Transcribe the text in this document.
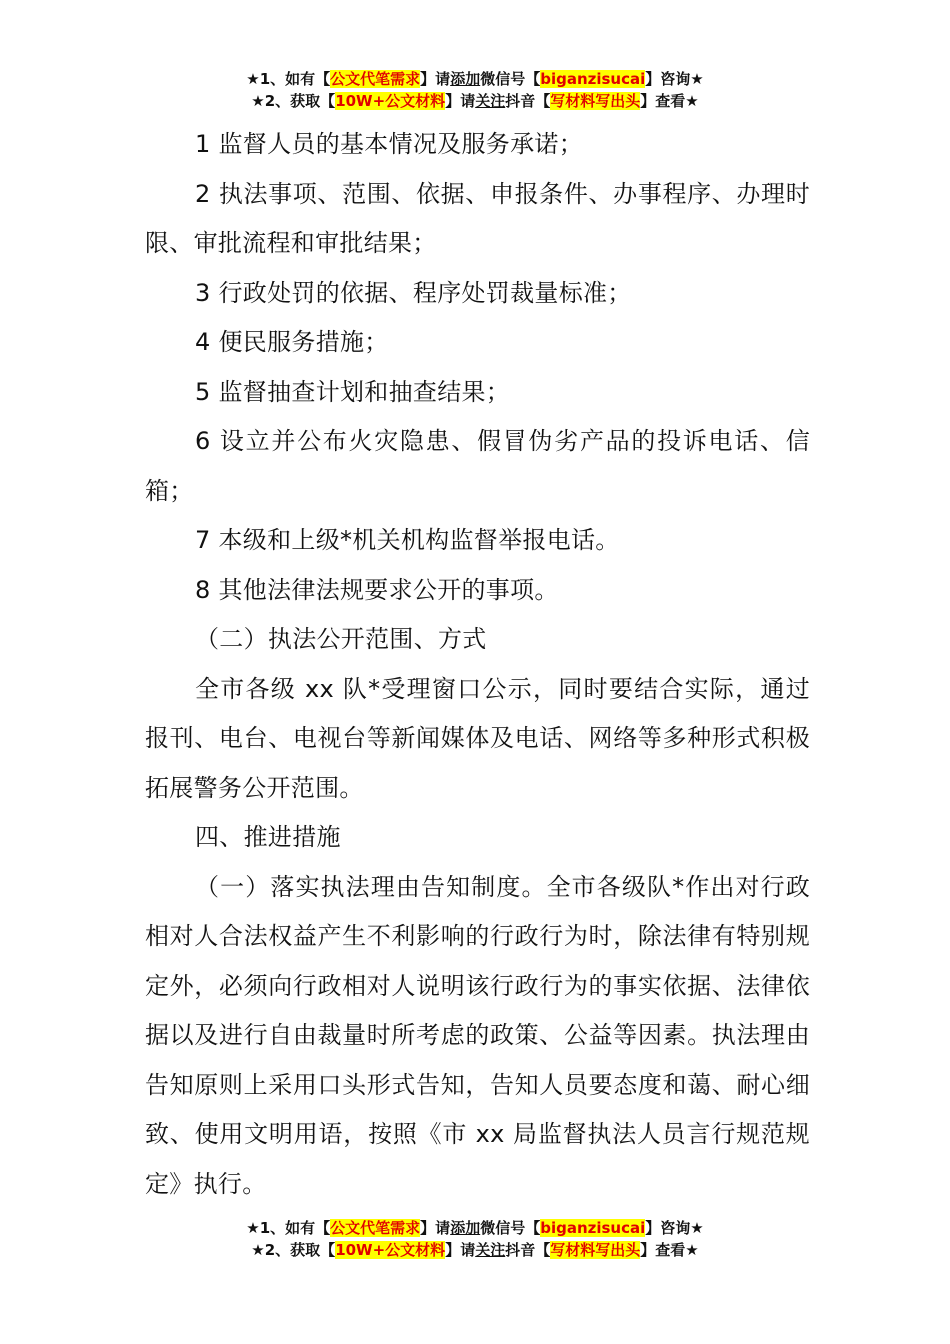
★1、如有【公文代笔需求】请添加微信号【biganzisucai】咨询★
★2、获取【10W+公文材料】请关注抖音【写材料写出头】查看★

1 监督人员的基本情况及服务承诺；

2 执法事项、范围、依据、申报条件、办事程序、办理时限、审批流程和审批结果；

3 行政处罚的依据、程序处罚裁量标准；

4 便民服务措施；

5 监督抽查计划和抽查结果；

6 设立并公布火灾隐患、假冒伪劣产品的投诉电话、信箱；

7 本级和上级*机关机构监督举报电话。

8 其他法律法规要求公开的事项。

（二）执法公开范围、方式

全市各级 xx 队*受理窗口公示，同时要结合实际，通过报刊、电台、电视台等新闻媒体及电话、网络等多种形式积极拓展警务公开范围。

四、推进措施

（一）落实执法理由告知制度。全市各级队*作出对行政相对人合法权益产生不利影响的行政行为时，除法律有特别规定外，必须向行政相对人说明该行政行为的事实依据、法律依据以及进行自由裁量时所考虑的政策、公益等因素。执法理由告知原则上采用口头形式告知，告知人员要态度和蔼、耐心细致、使用文明用语，按照《市 xx 局监督执法人员言行规范规定》执行。

★1、如有【公文代笔需求】请添加微信号【biganzisucai】咨询★
★2、获取【10W+公文材料】请关注抖音【写材料写出头】查看★
